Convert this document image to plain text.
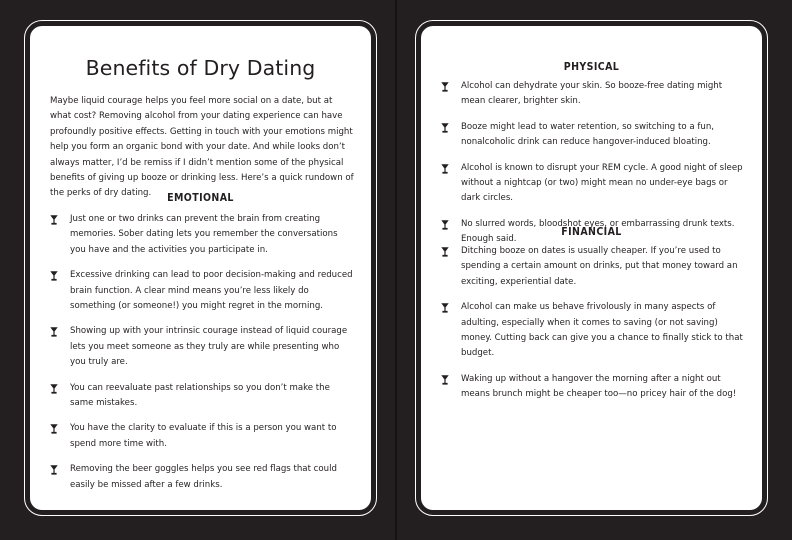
Benefits of Dry Dating

Maybe liquid courage helps you feel more social on a date, but at what cost? Removing alcohol from your dating experience can have profoundly positive effects. Getting in touch with your emotions might help you form an organic bond with your date. And while looks don’t always matter, I’d be remiss if I didn’t mention some of the physical benefits of giving up booze or drinking less. Here’s a quick rundown of the perks of dry dating.	EMOTIONAL
Just one or two drinks can prevent the brain from creating memories. Sober dating lets you remember the conversations you have and the activities you participate in.
Excessive drinking can lead to poor decision-making and reduced brain function. A clear mind means you’re less likely do something (or someone!) you might regret in the morning.
Showing up with your intrinsic courage instead of liquid courage lets you meet someone as they truly are while presenting who you truly are.
You can reevaluate past relationships so you don’t make the same mistakes.
You have the clarity to evaluate if this is a person you want to spend more time with.
Removing the beer goggles helps you see red flags that could easily be missed after a few drinks.
PHYSICAL
Alcohol can dehydrate your skin. So booze-free dating might mean clearer, brighter skin.
Booze might lead to water retention, so switching to a fun, nonalcoholic drink can reduce hangover-induced bloating.
Alcohol is known to disrupt your REM cycle. A good night of sleep without a nightcap (or two) might mean no under-eye bags or dark circles.
No slurred words, bloodshot eyes, or embarrassing drunk texts. Enough said.
FINANCIAL
Ditching booze on dates is usually cheaper. If you’re used to spending a certain amount on drinks, put that money toward an exciting, experiential date.
Alcohol can make us behave frivolously in many aspects of adulting, especially when it comes to saving (or not saving) money. Cutting back can give you a chance to finally stick to that budget.
Waking up without a hangover the morning after a night out means brunch might be cheaper too—no pricey hair of the dog!
